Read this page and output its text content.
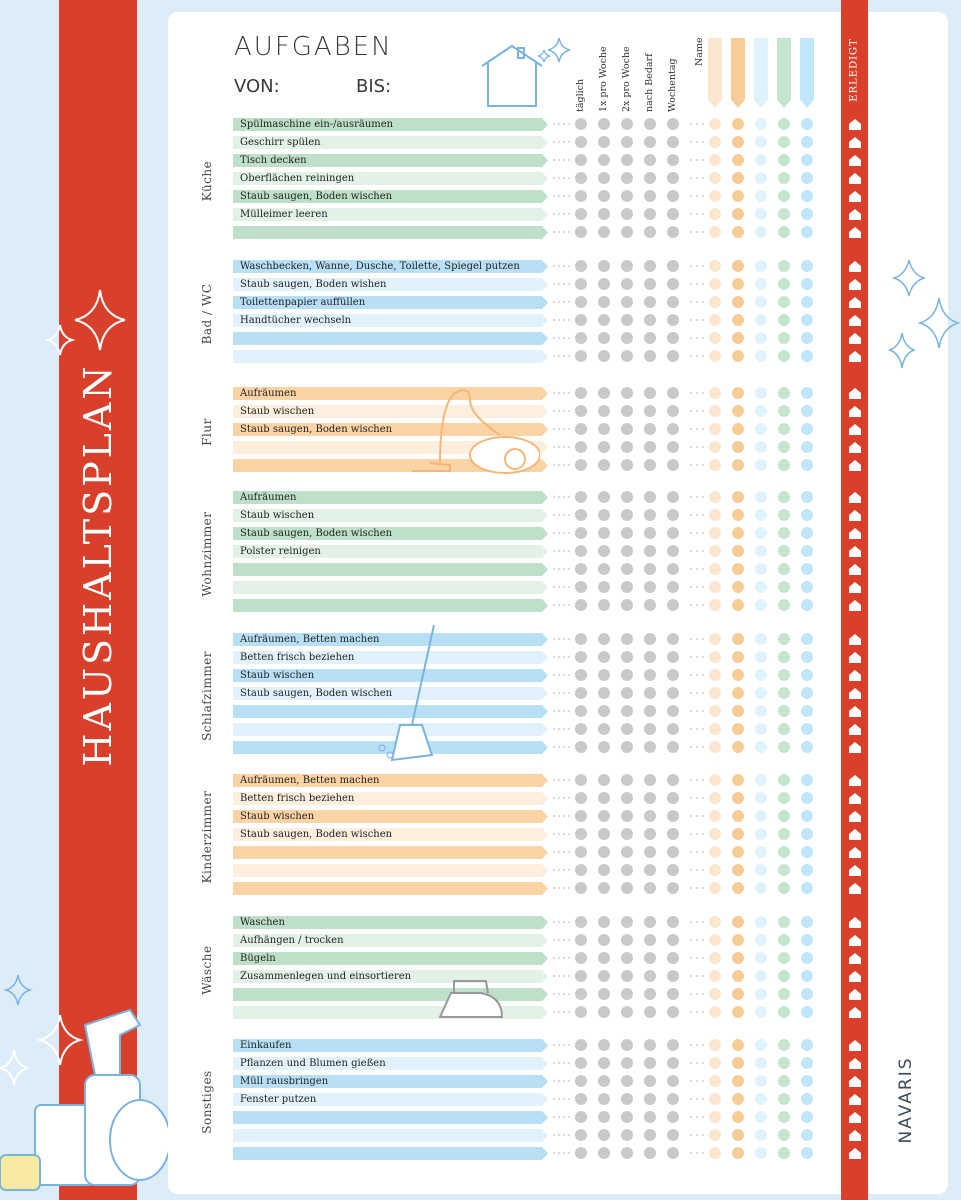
HAUSHALTSPLAN
AUFGABEN
VON:	BIS:	täglich 1x pro Woche 2x pro Woche nach Bedarf Wochentag
Name	ERLEDIGT
NAVARIS
Küche
Spülmaschine ein-/ausräumen
Geschirr spülen
Tisch decken
Oberflächen reiningen
Staub saugen, Boden wischen
Mülleimer leeren
Bad / WC
Waschbecken, Wanne, Dusche, Toilette, Spiegel putzen
Staub saugen, Boden wishen
Toilettenpapier auffüllen
Handtücher wechseln
Flur
Aufräumen
Staub wischen
Staub saugen, Boden wischen
Wohnzimmer
Aufräumen
Staub wischen
Staub saugen, Boden wischen
Polster reinigen
Schlafzimmer
Aufräumen, Betten machen
Betten frisch beziehen
Staub wischen
Staub saugen, Boden wischen
Kinderzimmer
Aufräumen, Betten machen
Betten frisch beziehen
Staub wischen
Staub saugen, Boden wischen
Wäsche
Waschen
Aufhängen / trocken
Bügeln
Zusammenlegen und einsortieren
Sonstiges
Einkaufen
Pflanzen und Blumen gießen
Müll rausbringen
Fenster putzen
